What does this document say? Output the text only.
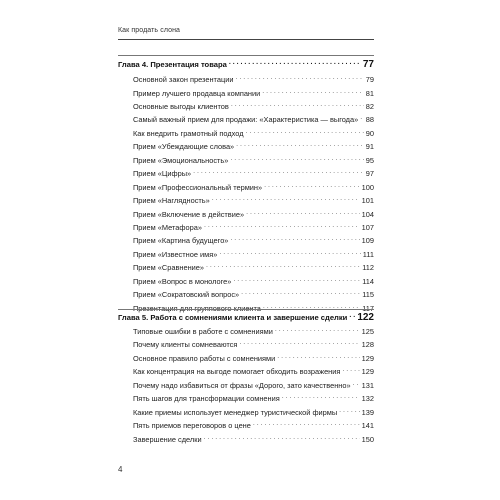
Как продать слона
Глава 4. Презентация товара . . .	77
Основной закон презентации . . .	79
Пример лучшего продавца компании . . .	81
Основные выгоды клиентов . . .	82
Самый важный прием для продажи: «Характеристика — выгода» . . . 88
Как внедрить грамотный подход . . .	90
Прием «Убеждающие слова» . . .	91
Прием «Эмоциональность» . . .	95
Прием «Цифры» . . .	97
Прием «Профессиональный термин» . . .	100
Прием «Наглядность» . . .	101
Прием «Включение в действие» . . .	104
Прием «Метафора» . . .	107
Прием «Картина будущего» . . .	109
Прием «Известное имя» . . .	111
Прием «Сравнение» . . .	112
Прием «Вопрос в монологе» . . .	114
Прием «Сократовский вопрос» . . .	115
Презентация для группового клиента . . .	117
Глава 5. Работа с сомнениями клиента и завершение сделки . . . 122
Типовые ошибки в работе с сомнениями . . .	125
Почему клиенты сомневаются . . .	128
Основное правило работы с сомнениями . . .	129
Как концентрация на выгоде помогает обходить возражения . . .	129
Почему надо избавиться от фразы «Дорого, зато качественно» . . . 131
Пять шагов для трансформации сомнения . . .	132
Какие приемы использует менеджер туристической фирмы . . .	139
Пять приемов переговоров о цене . . .	141
Завершение сделки . . .	150
4
